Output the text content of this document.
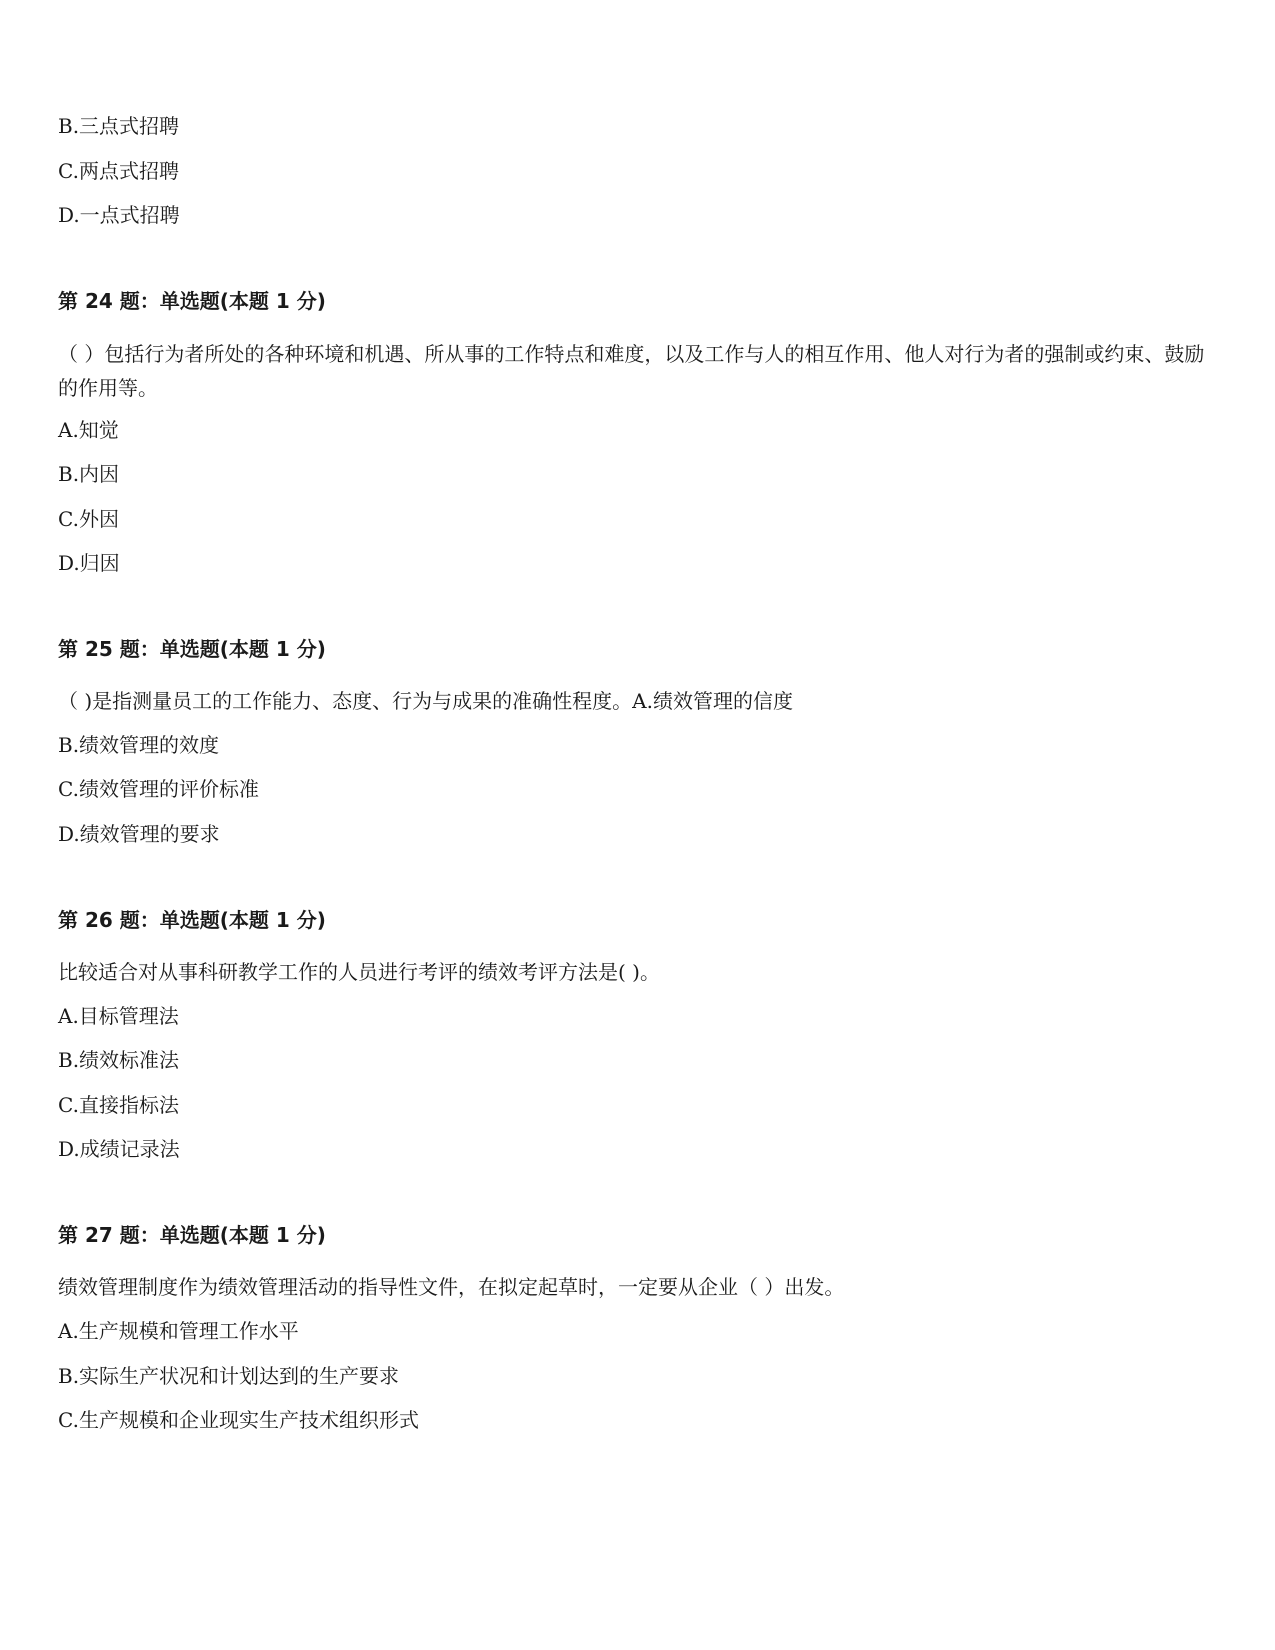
B.三点式招聘
C.两点式招聘
D.一点式招聘
第 24 题：单选题(本题 1 分)
（ ）包括行为者所处的各种环境和机遇、所从事的工作特点和难度，以及工作与人的相互作用、他人对行为者的强制或约束、鼓励的作用等。
A.知觉
B.内因
C.外因
D.归因
第 25 题：单选题(本题 1 分)
（ )是指测量员工的工作能力、态度、行为与成果的准确性程度。A.绩效管理的信度
B.绩效管理的效度
C.绩效管理的评价标准
D.绩效管理的要求
第 26 题：单选题(本题 1 分)
比较适合对从事科研教学工作的人员进行考评的绩效考评方法是( )。
A.目标管理法
B.绩效标准法
C.直接指标法
D.成绩记录法
第 27 题：单选题(本题 1 分)
绩效管理制度作为绩效管理活动的指导性文件，在拟定起草时，一定要从企业（ ）出发。
A.生产规模和管理工作水平
B.实际生产状况和计划达到的生产要求
C.生产规模和企业现实生产技术组织形式
